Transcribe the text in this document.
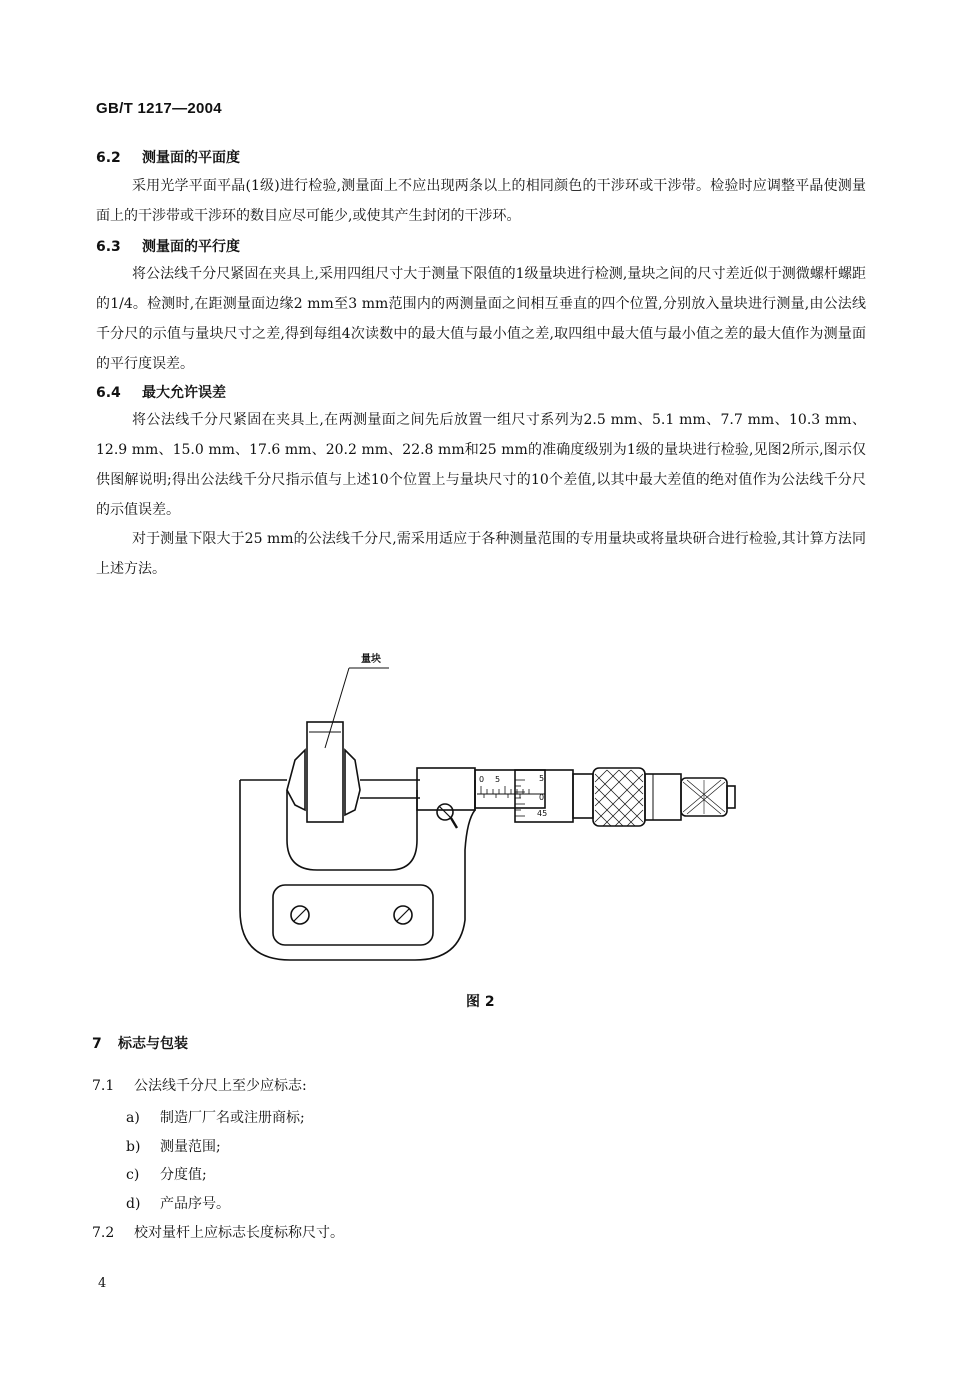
GB/T 1217—2004
6.2 测量面的平面度
采用光学平面平晶(1级)进行检验,测量面上不应出现两条以上的相同颜色的干涉环或干涉带。检验时应调整平晶使测量面上的干涉带或干涉环的数目应尽可能少,或使其产生封闭的干涉环。
6.3 测量面的平行度
将公法线千分尺紧固在夹具上,采用四组尺寸大于测量下限值的1级量块进行检测,量块之间的尺寸差近似于测微螺杆螺距的1/4。检测时,在距测量面边缘2 mm至3 mm范围内的两测量面之间相互垂直的四个位置,分别放入量块进行测量,由公法线千分尺的示值与量块尺寸之差,得到每组4次读数中的最大值与最小值之差,取四组中最大值与最小值之差的最大值作为测量面的平行度误差。
6.4 最大允许误差
将公法线千分尺紧固在夹具上,在两测量面之间先后放置一组尺寸系列为2.5 mm、5.1 mm、7.7 mm、10.3 mm、12.9 mm、15.0 mm、17.6 mm、20.2 mm、22.8 mm和25 mm的准确度级别为1级的量块进行检验,见图2所示,图示仅供图解说明;得出公法线千分尺指示值与上述10个位置上与量块尺寸的10个差值,以其中最大差值的绝对值作为公法线千分尺的示值误差。
对于测量下限大于25 mm的公法线千分尺,需采用适应于各种测量范围的专用量块或将量块研合进行检验,其计算方法同上述方法。
量块
0 5	5
0
45
图 2
7 标志与包装
7.1 公法线千分尺上至少应标志:
a) 制造厂厂名或注册商标;
b) 测量范围;
c) 分度值;
d) 产品序号。
7.2 校对量杆上应标志长度标称尺寸。
4
